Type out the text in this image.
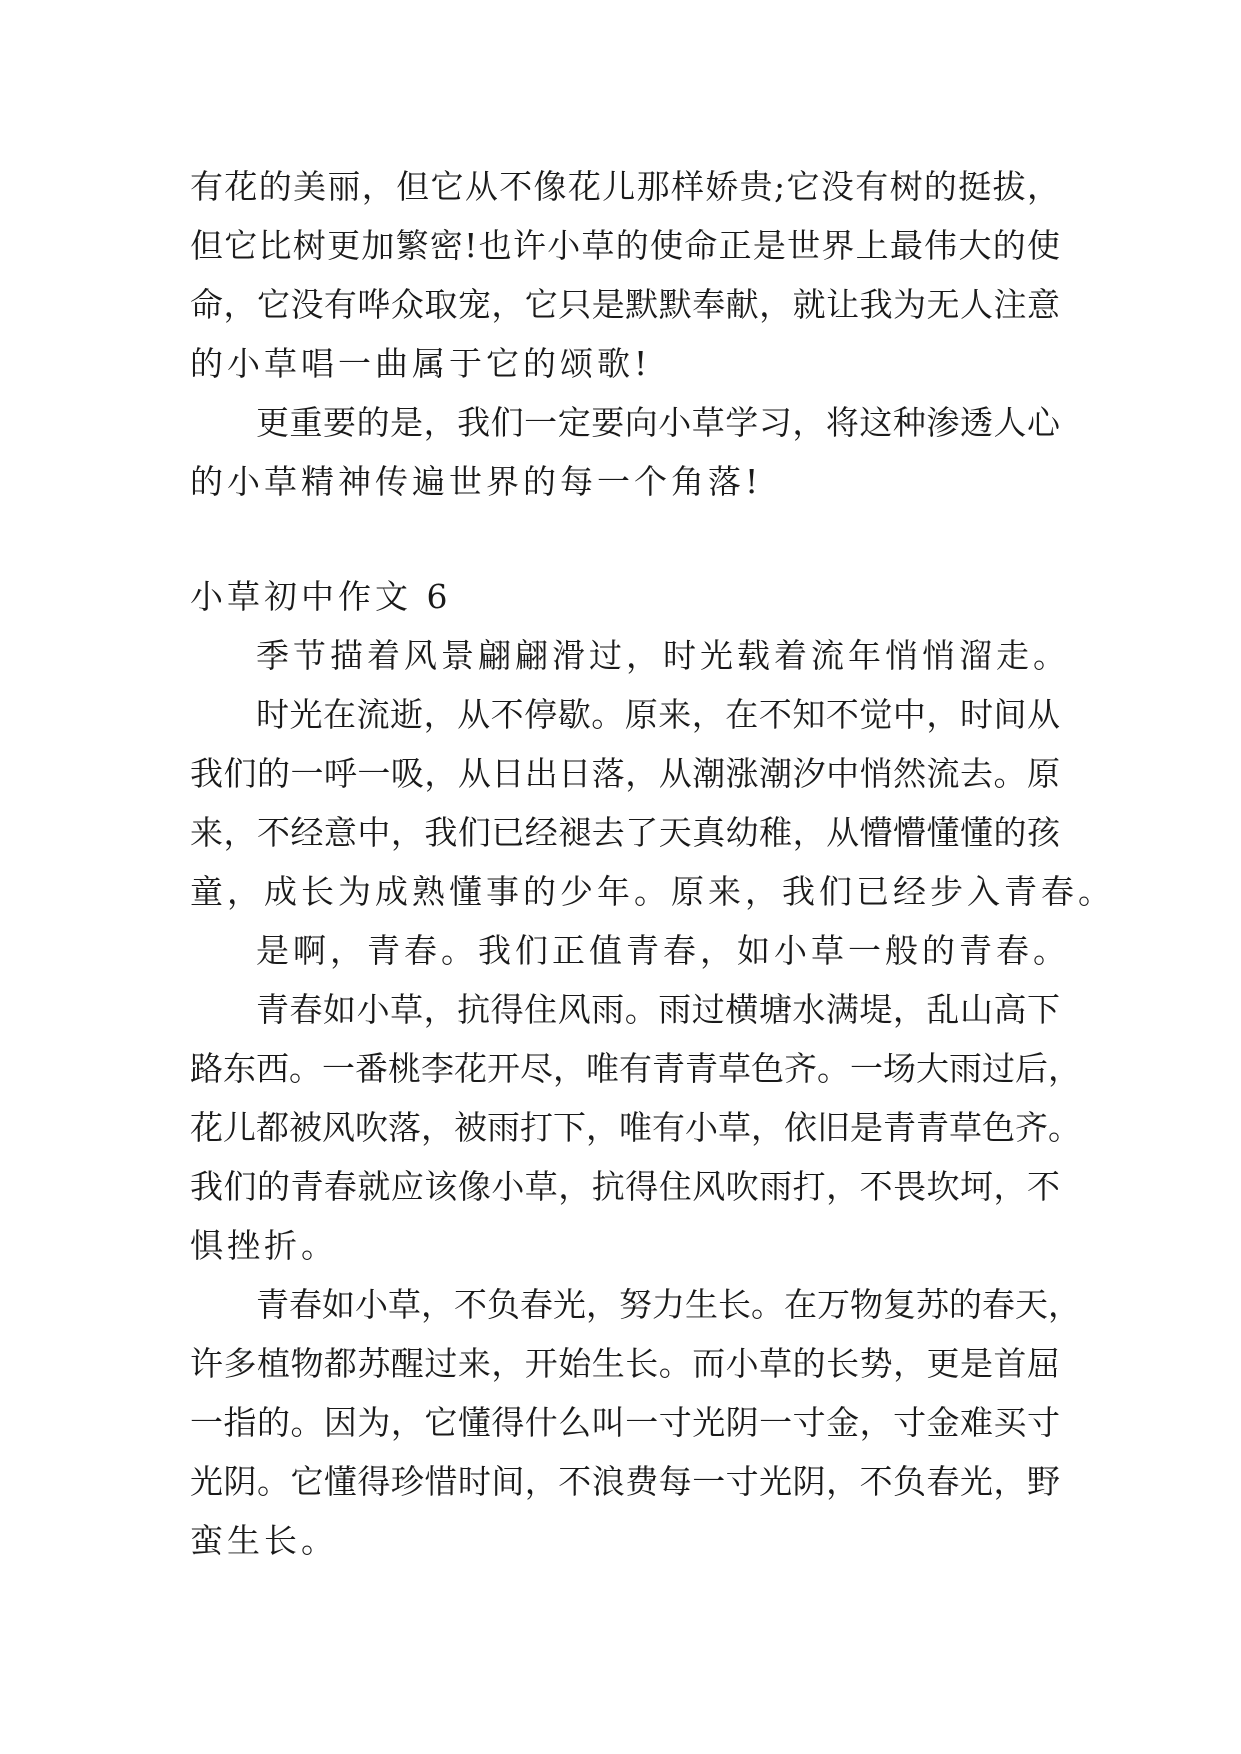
有花的美丽，但它从不像花儿那样娇贵;它没有树的挺拔，
但它比树更加繁密!也许小草的使命正是世界上最伟大的使
命，它没有哗众取宠，它只是默默奉献，就让我为无人注意
的小草唱一曲属于它的颂歌!
更重要的是，我们一定要向小草学习，将这种渗透人心
的小草精神传遍世界的每一个角落!
小草初中作文 6
季节描着风景翩翩滑过，时光载着流年悄悄溜走。
时光在流逝，从不停歇。原来，在不知不觉中，时间从
我们的一呼一吸，从日出日落，从潮涨潮汐中悄然流去。原
来，不经意中，我们已经褪去了天真幼稚，从懵懵懂懂的孩
童，成长为成熟懂事的少年。原来，我们已经步入青春。
是啊，青春。我们正值青春，如小草一般的青春。
青春如小草，抗得住风雨。雨过横塘水满堤，乱山高下
路东西。一番桃李花开尽，唯有青青草色齐。一场大雨过后，
花儿都被风吹落，被雨打下，唯有小草，依旧是青青草色齐。
我们的青春就应该像小草，抗得住风吹雨打，不畏坎坷，不
惧挫折。
青春如小草，不负春光，努力生长。在万物复苏的春天，
许多植物都苏醒过来，开始生长。而小草的长势，更是首屈
一指的。因为，它懂得什么叫一寸光阴一寸金，寸金难买寸
光阴。它懂得珍惜时间，不浪费每一寸光阴，不负春光，野
蛮生长。
